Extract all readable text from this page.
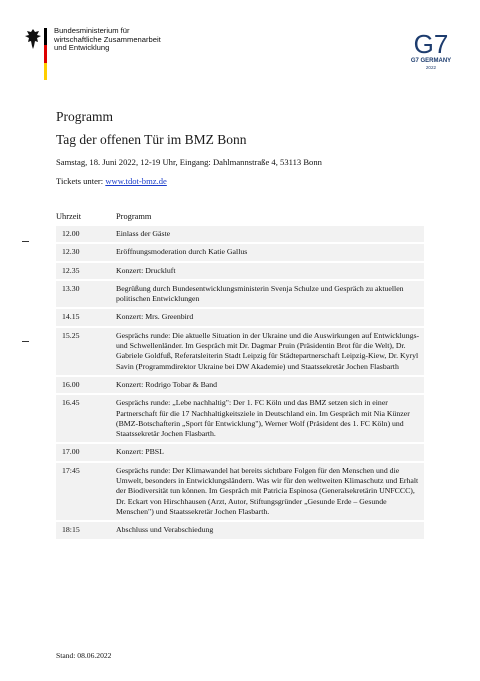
Bundesministerium für
wirtschaftliche Zusammenarbeit
und Entwicklung	G7
G7 GERMANY
2022
Programm
Tag der offenen Tür im BMZ Bonn
Samstag, 18. Juni 2022, 12-19 Uhr, Eingang: Dahlmannstraße 4, 53113 Bonn
Tickets unter: www.tdot-bmz.de
Uhrzeit	Programm
12.00	Einlass der Gäste
12.30	Eröffnungsmoderation durch Katie Gallus
12.35	Konzert: Druckluft
13.30	Begrüßung durch Bundesentwicklungsministerin Svenja Schulze und Gespräch zu aktuellen politischen Entwicklungen
14.15	Konzert: Mrs. Greenbird
15.25	Gesprächs runde: Die aktuelle Situation in der Ukraine und die Auswirkungen auf Entwicklungs- und Schwellenländer. Im Gespräch mit Dr. Dagmar Pruin (Präsidentin Brot für die Welt), Dr. Gabriele Goldfuß, Referatsleiterin Stadt Leipzig für Städtepartnerschaft Leipzig-Kiew, Dr. Kyryl Savin (Programmdirektor Ukraine bei DW Akademie) und Staatssekretär Jochen Flasbarth
16.00	Konzert: Rodrigo Tobar & Band
16.45	Gesprächs runde: „Lebe nachhaltig": Der 1. FC Köln und das BMZ setzen sich in einer Partnerschaft für die 17 Nachhaltigkeitsziele in Deutschland ein. Im Gespräch mit Nia Künzer (BMZ-Botschafterin „Sport für Entwicklung"), Werner Wolf (Präsident des 1. FC Köln) und Staatssekretär Jochen Flasbarth.
17.00	Konzert: PBSL
17:45	Gesprächs runde: Der Klimawandel hat bereits sichtbare Folgen für den Menschen und die Umwelt, besonders in Entwicklungsländern. Was wir für den weltweiten Klimaschutz und Erhalt der Biodiversität tun können. Im Gespräch mit Patricia Espinosa (Generalsekretärin UNFCCC), Dr. Eckart von Hirschhausen (Arzt, Autor, Stiftungsgründer „Gesunde Erde – Gesunde Menschen") und Staatssekretär Jochen Flasbarth.
18:15	Abschluss und Verabschiedung
Stand: 08.06.2022
